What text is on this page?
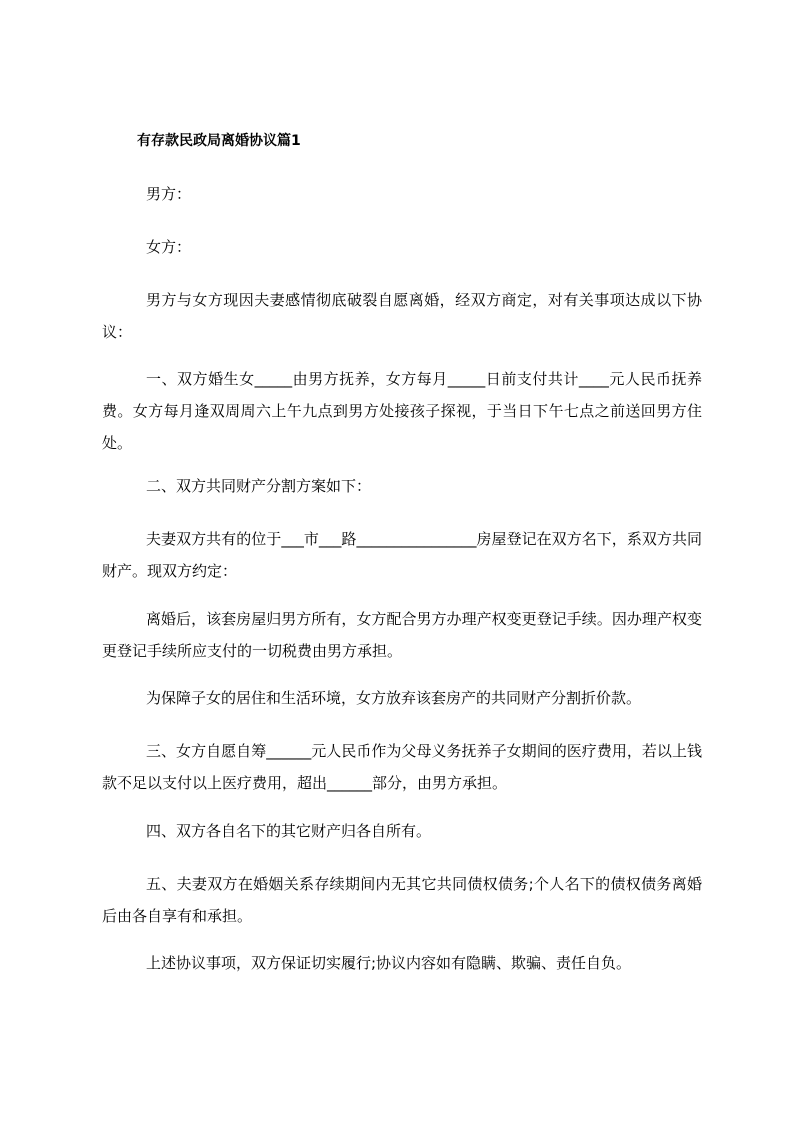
有存款民政局离婚协议篇1
男方：
女方：
男方与女方现因夫妻感情彻底破裂自愿离婚，经双方商定，对有关事项达成以下协议：
一、双方婚生女_____由男方抚养，女方每月_____日前支付共计____元人民币抚养费。女方每月逢双周周六上午九点到男方处接孩子探视，于当日下午七点之前送回男方住处。
二、双方共同财产分割方案如下：
夫妻双方共有的位于___市___路________________房屋登记在双方名下，系双方共同财产。现双方约定：
离婚后，该套房屋归男方所有，女方配合男方办理产权变更登记手续。因办理产权变更登记手续所应支付的一切税费由男方承担。
为保障子女的居住和生活环境，女方放弃该套房产的共同财产分割折价款。
三、女方自愿自筹______元人民币作为父母义务抚养子女期间的医疗费用，若以上钱款不足以支付以上医疗费用，超出______部分，由男方承担。
四、双方各自名下的其它财产归各自所有。
五、夫妻双方在婚姻关系存续期间内无其它共同债权债务;个人名下的债权债务离婚后由各自享有和承担。
上述协议事项，双方保证切实履行;协议内容如有隐瞒、欺骗、责任自负。
